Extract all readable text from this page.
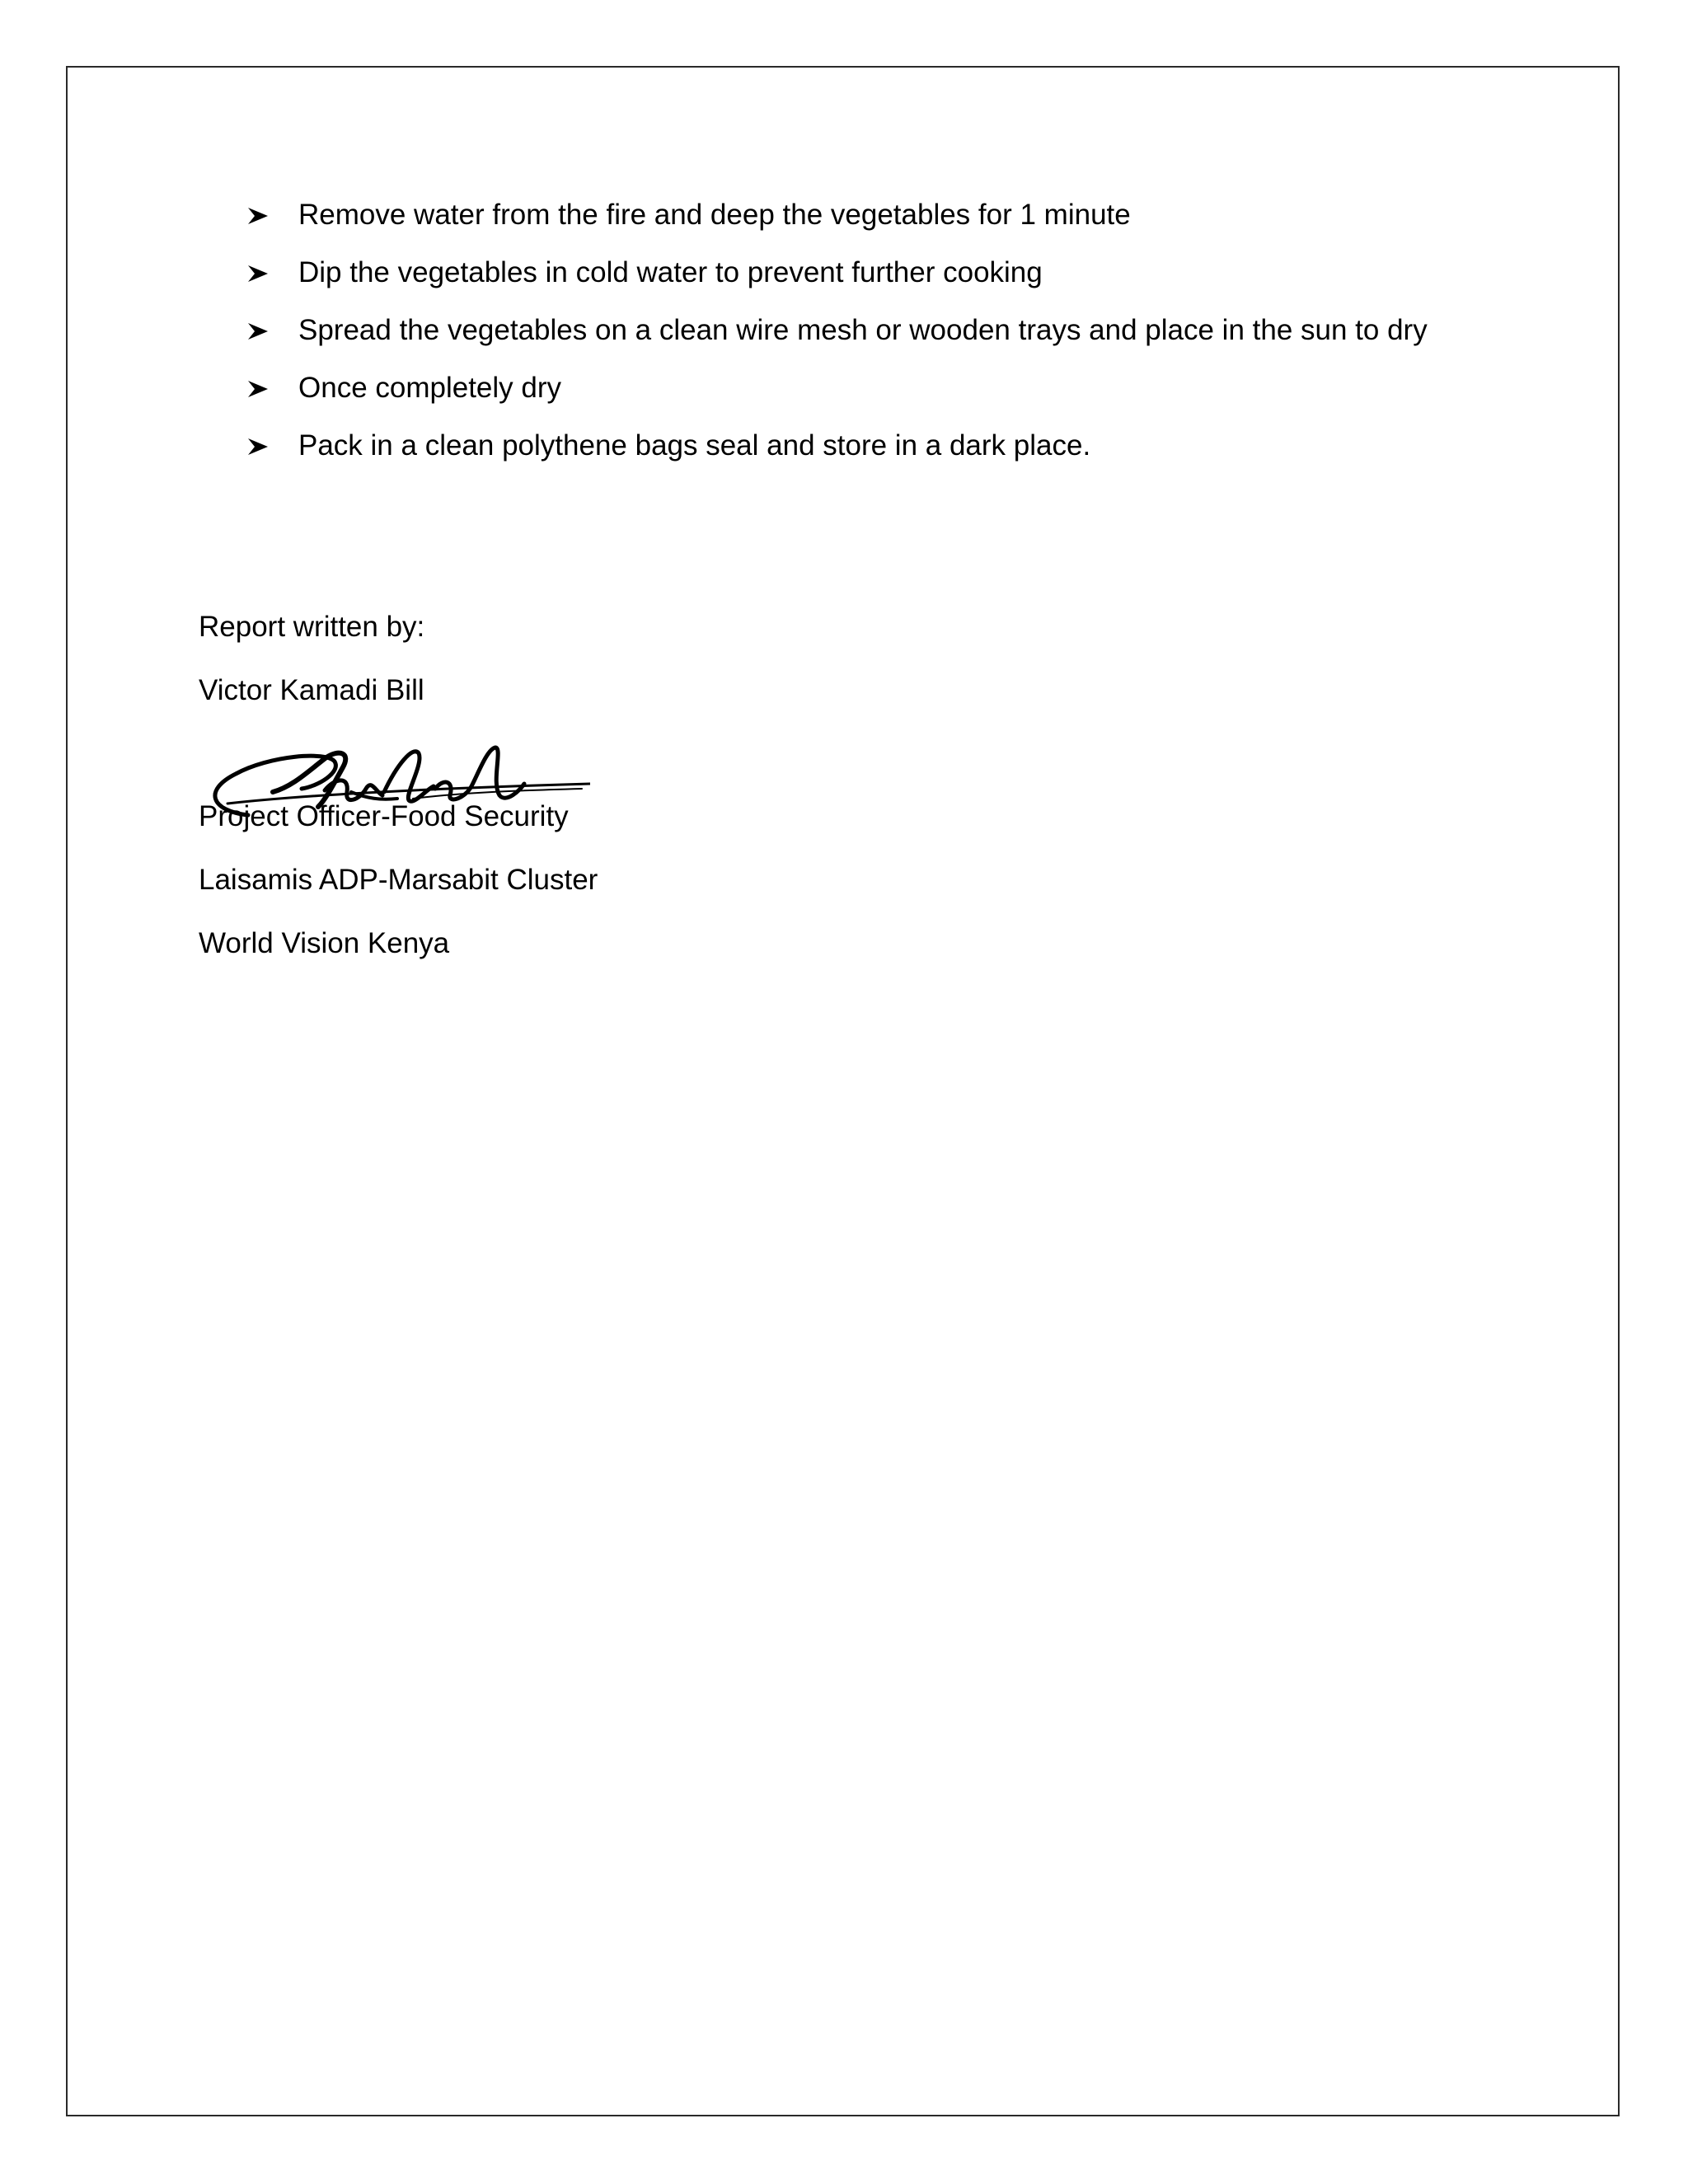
Remove water from the fire and deep the vegetables for 1 minute
Dip the vegetables in cold water to prevent further cooking
Spread the vegetables on a clean wire mesh or wooden trays and place in the sun to dry
Once completely dry
Pack in a clean polythene bags seal and store in a dark place.

Report written by:

Victor Kamadi Bill

Project Officer-Food Security

Laisamis ADP-Marsabit Cluster

World Vision Kenya
